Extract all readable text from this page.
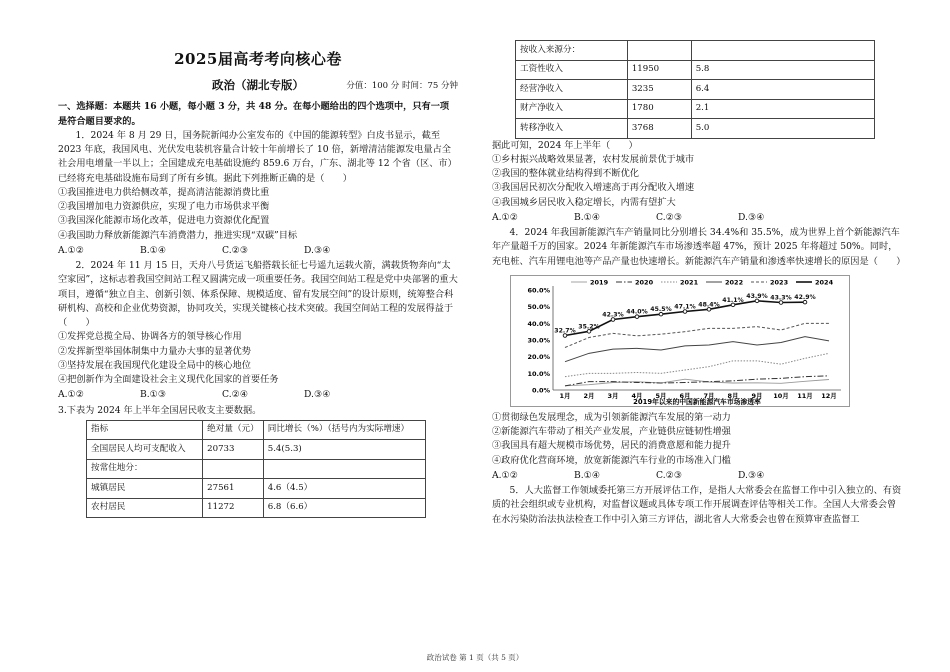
2025届高考考向核心卷
政治（湖北专版）	分值：100 分 时间：75 分钟

一、选择题：本题共 16 小题，每小题 3 分，共 48 分。在每小题给出的四个选项中，只有一项是符合题目要求的。

1．2024 年 8 月 29 日，国务院新闻办公室发布的《中国的能源转型》白皮书显示，截至 2023 年底，我国风电、光伏发电装机容量合计较十年前增长了 10 倍，新增清洁能源发电量占全社会用电增量一半以上；全国建成充电基础设施约 859.6 万台，广东、湖北等 12 个省（区、市）已经将充电基础设施布局到了所有乡镇。据此下列推断正确的是（　　）

①我国推进电力供给侧改革，提高清洁能源消费比重

②我国增加电力资源供应，实现了电力市场供求平衡

③我国深化能源市场化改革，促进电力资源优化配置

④我国助力释放新能源汽车消费潜力，推进实现“双碳”目标

A.①②	B.①④	C.②③	D.③④

2．2024 年 11 月 15 日，天舟八号货运飞船搭载长征七号遥九运载火箭，满载货物奔向“太空家园”，这标志着我国空间站工程又圆满完成一项重要任务。我国空间站工程是党中央部署的重大项目，遵循“独立自主、创新引领、体系保障、规模适度、留有发展空间”的设计原则，统筹整合科研机构、高校和企业优势资源，协同攻关，实现关键核心技术突破。我国空间站工程的发展得益于（　　）

①发挥党总揽全局、协调各方的领导核心作用

②发挥新型举国体制集中力量办大事的显著优势

③坚持发展在我国现代化建设全局中的核心地位

④把创新作为全面建设社会主义现代化国家的首要任务

A.①②	B.①③	C.②④	D.③④

3.下表为 2024 年上半年全国居民收支主要数据。

指标	绝对量（元）	同比增长（%）（括号内为实际增速）
全国居民人均可支配收入	20733	5.4(5.3)
按常住地分：		
城镇居民	27561	4.6（4.5）
农村居民	11272	6.8（6.6）
按收入来源分：		
工资性收入	11950	5.8
经营净收入	3235	6.4
财产净收入	1780	2.1
转移净收入	3768	5.0

据此可知，2024 年上半年（　　）

①乡村振兴战略效果显著，农村发展前景优于城市

②我国的整体就业结构得到不断优化

③我国居民初次分配收入增速高于再分配收入增速

④我国城乡居民收入稳定增长，内需有望扩大

A.①②	B.①④	C.②③	D.③④

4．2024 年我国新能源汽车产销量同比分别增长 34.4%和 35.5%，成为世界上首个新能源汽车年产量超千万的国家。2024 年新能源汽车市场渗透率超 47%，预计 2025 年将超过 50%。同时，充电桩、汽车用锂电池等产品产量也快速增长。新能源汽车产销量和渗透率快速增长的原因是（　　）

0.0%
10.0%
20.0%
30.0%
40.0%
50.0%
60.0%
1月 2月 3月 4月 5月 6月 7月 8月 9月 10月 11月 12月
32.7%
35.2%
42.3% 44.0% 45.5% 47.1% 48.4%
41.1%
43.9% 43.3% 42.9%
2019	2020	2021	2022	2023	2024
2019年以来的中国新能源汽车市场渗透率

①贯彻绿色发展理念，成为引领新能源汽车发展的第一动力

②新能源汽车带动了相关产业发展，产业链供应链韧性增强

③我国具有超大规模市场优势，居民的消费意愿和能力提升

④政府优化营商环境，放宽新能源汽车行业的市场准入门槛

A.①②	B.①④	C.②③	D.③④

5．人大监督工作领域委托第三方开展评估工作，是指人大常委会在监督工作中引入独立的、有资质的社会组织或专业机构，对监督议题或具体专项工作开展调查评估等相关工作。全国人大常委会曾在水污染防治法执法检查工作中引入第三方评估，湖北省人大常委会也曾在预算审查监督工

政治试卷 第 1 页（共 5 页）
